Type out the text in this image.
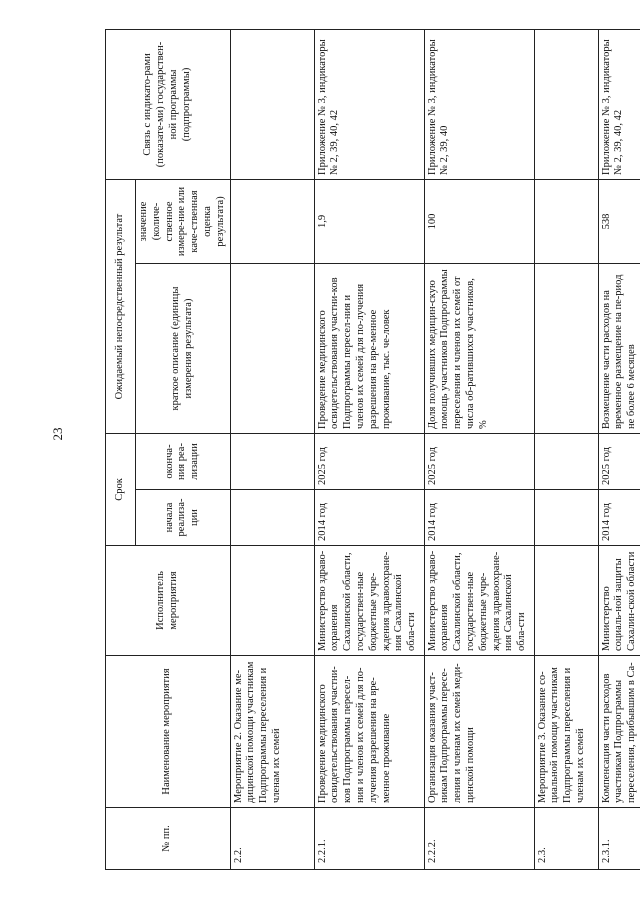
23
№ пп.	Наименование мероприятия	Исполнитель мероприятия	Срок		Ожидаемый непосредственный результат		Связь с индикато-рами (показате-ми) государствен-ной программы (подпрограммы)
			начала реализа-ции	оконча-ния реа-лизации	краткое описание (единицы измерения результата)	значение (количе-ственное измере-ние или каче-ственная оценка результата)	
2.2.	Мероприятие 2. Оказание ме-дицинской помощи участникам Подпрограммы переселения и членам их семей						
2.2.1.	Проведение медицинского освидетельствования участни-ков Подпрограммы пересел-ния и членов их семей для по-лучения разрешения на вре-менное проживание	Министерство здраво-охранения Сахалинской области, государствен-ные бюджетные учре-ждения здравоохране-ния Сахалинской обла-сти	2014 год	2025 год	Проведение медицинского освидетельствования участни-ков Подпрограммы пересел-ния и членов их семей для по-лучения разрешения на вре-менное проживание, тыс. че-ловек	1,9	Приложение № 3, индикаторы № 2, 39, 40, 42
2.2.2.	Организация оказания участ-никам Подпрограммы пересе-ления и членам их семей меди-цинской помощи	Министерство здраво-охранения Сахалинской области, государствен-ные бюджетные учре-ждения здравоохране-ния Сахалинской обла-сти	2014 год	2025 год	Доля получивших медицин-скую помощь участников Подпрограммы переселения и членов их семей от числа об-ратившихся участников, %	100	Приложение № 3, индикаторы № 2, 39, 40
2.3.	Мероприятие 3. Оказание со-циальной помощи участникам Подпрограммы переселения и членам их семей						
2.3.1.	Компенсация части расходов участникам Подпрограммы переселения, прибывшим в Са-	Министерство социаль-ной защиты Сахалин-ской области	2014 год	2025 год	Возмещение части расходов на временное размещение на пе-риод не более 6 месяцев	538	Приложение № 3, индикаторы № 2, 39, 40, 42
